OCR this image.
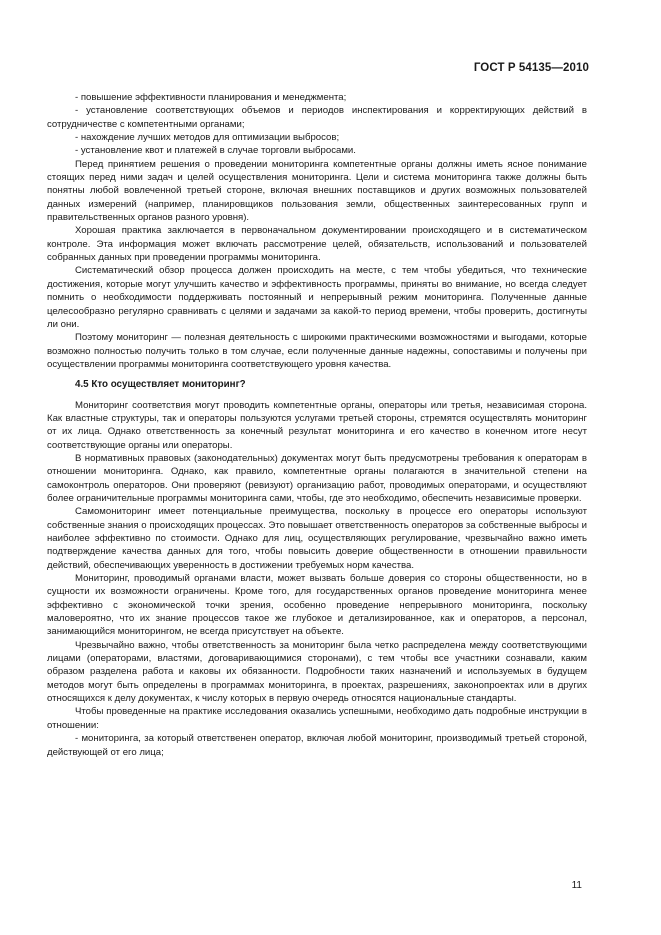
ГОСТ Р 54135—2010

- повышение эффективности планирования и менеджмента;

- установление соответствующих объемов и периодов инспектирования и корректирующих действий в сотрудничестве с компетентными органами;

- нахождение лучших методов для оптимизации выбросов;

- установление квот и платежей в случае торговли выбросами.

Перед принятием решения о проведении мониторинга компетентные органы должны иметь ясное понимание стоящих перед ними задач и целей осуществления мониторинга. Цели и система мониторинга также должны быть понятны любой вовлеченной третьей стороне, включая внешних поставщиков и других возможных пользователей данных измерений (например, планировщиков пользования земли, общественных заинтересованных групп и правительственных органов разного уровня).

Хорошая практика заключается в первоначальном документировании происходящего и в систематическом контроле. Эта информация может включать рассмотрение целей, обязательств, использований и пользователей собранных данных при проведении программы мониторинга.

Систематический обзор процесса должен происходить на месте, с тем чтобы убедиться, что технические достижения, которые могут улучшить качество и эффективность программы, приняты во внимание, но всегда следует помнить о необходимости поддерживать постоянный и непрерывный режим мониторинга. Полученные данные целесообразно регулярно сравнивать с целями и задачами за какой-то период времени, чтобы проверить, достигнуты ли они.

Поэтому мониторинг — полезная деятельность с широкими практическими возможностями и выгодами, которые возможно полностью получить только в том случае, если полученные данные надежны, сопоставимы и получены при осуществлении программы мониторинга соответствующего уровня качества.

4.5 Кто осуществляет мониторинг?

Мониторинг соответствия могут проводить компетентные органы, операторы или третья, независимая сторона. Как властные структуры, так и операторы пользуются услугами третьей стороны, стремятся осуществлять мониторинг от их лица. Однако ответственность за конечный результат мониторинга и его качество в конечном итоге несут соответствующие органы или операторы.

В нормативных правовых (законодательных) документах могут быть предусмотрены требования к операторам в отношении мониторинга. Однако, как правило, компетентные органы полагаются в значительной степени на самоконтроль операторов. Они проверяют (ревизуют) организацию работ, проводимых операторами, и осуществляют более ограничительные программы мониторинга сами, чтобы, где это необходимо, обеспечить независимые проверки.

Самомониторинг имеет потенциальные преимущества, поскольку в процессе его операторы используют собственные знания о происходящих процессах. Это повышает ответственность операторов за собственные выбросы и наиболее эффективно по стоимости. Однако для лиц, осуществляющих регулирование, чрезвычайно важно иметь подтверждение качества данных для того, чтобы повысить доверие общественности в отношении правильности действий, обеспечивающих уверенность в достижении требуемых норм качества.

Мониторинг, проводимый органами власти, может вызвать больше доверия со стороны общественности, но в сущности их возможности ограничены. Кроме того, для государственных органов проведение мониторинга менее эффективно с экономической точки зрения, особенно проведение непрерывного мониторинга, поскольку маловероятно, что их знание процессов такое же глубокое и детализированное, как и операторов, а персонал, занимающийся мониторингом, не всегда присутствует на объекте.

Чрезвычайно важно, чтобы ответственность за мониторинг была четко распределена между соответствующими лицами (операторами, властями, договаривающимися сторонами), с тем чтобы все участники сознавали, каким образом разделена работа и каковы их обязанности. Подробности таких назначений и используемых в будущем методов могут быть определены в программах мониторинга, в проектах, разрешениях, законопроектах или в других относящихся к делу документах, к числу которых в первую очередь относятся национальные стандарты.

Чтобы проведенные на практике исследования оказались успешными, необходимо дать подробные инструкции в отношении:

- мониторинга, за который ответственен оператор, включая любой мониторинг, производимый третьей стороной, действующей от его лица;

11
